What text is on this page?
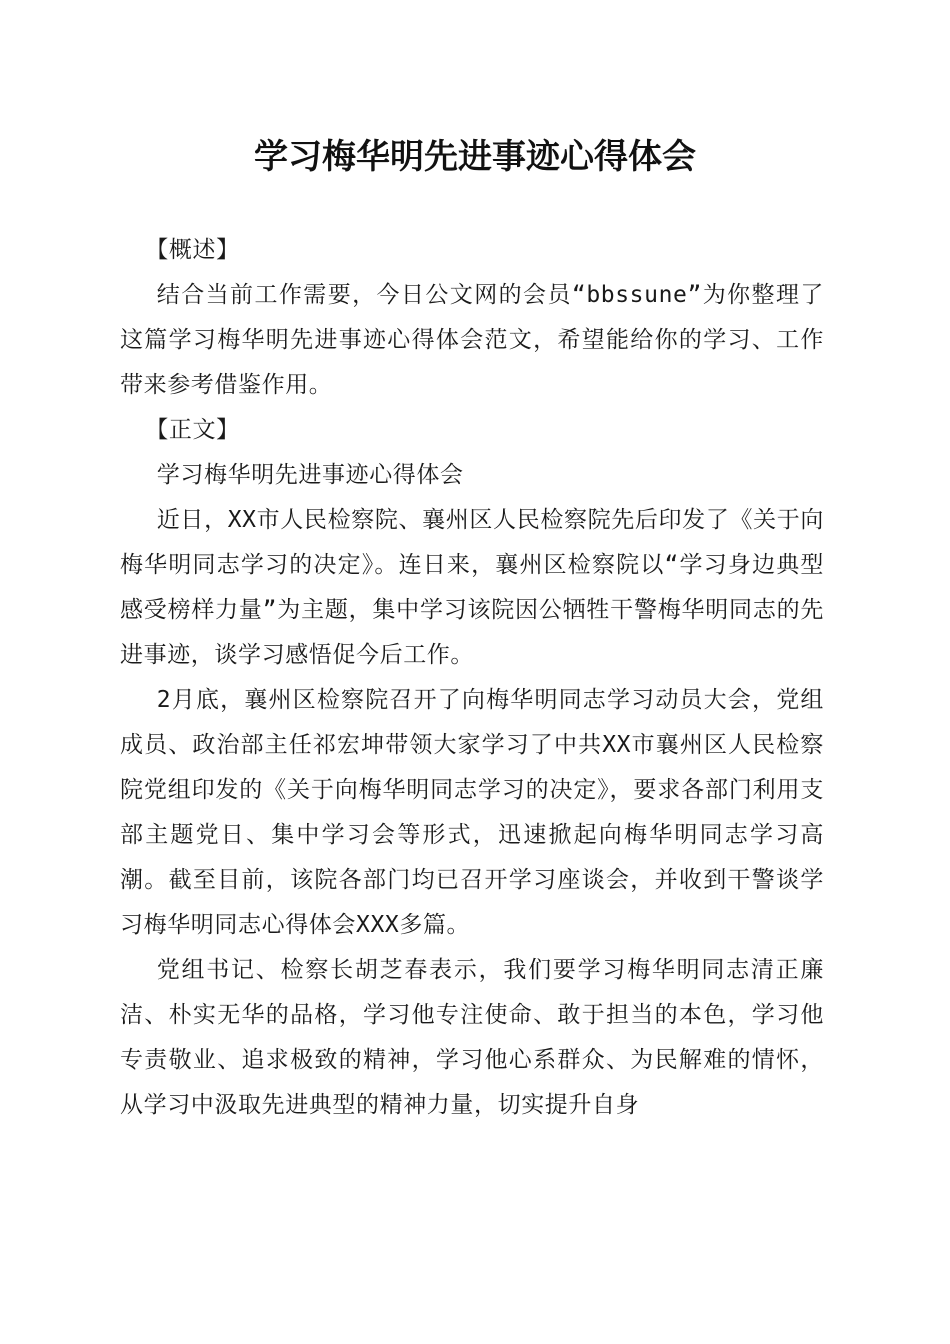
学习梅华明先进事迹心得体会

【概述】

结合当前工作需要，今日公文网的会员“bbssune”为你整理了这篇学习梅华明先进事迹心得体会范文，希望能给你的学习、工作带来参考借鉴作用。

【正文】

学习梅华明先进事迹心得体会

近日，XX市人民检察院、襄州区人民检察院先后印发了《关于向梅华明同志学习的决定》。连日来，襄州区检察院以“学习身边典型感受榜样力量”为主题，集中学习该院因公牺牲干警梅华明同志的先进事迹，谈学习感悟促今后工作。

2月底，襄州区检察院召开了向梅华明同志学习动员大会，党组成员、政治部主任祁宏坤带领大家学习了中共XX市襄州区人民检察院党组印发的《关于向梅华明同志学习的决定》，要求各部门利用支部主题党日、集中学习会等形式，迅速掀起向梅华明同志学习高潮。截至目前，该院各部门均已召开学习座谈会，并收到干警谈学习梅华明同志心得体会XXX多篇。

党组书记、检察长胡芝春表示，我们要学习梅华明同志清正廉洁、朴实无华的品格，学习他专注使命、敢于担当的本色，学习他专责敬业、追求极致的精神，学习他心系群众、为民解难的情怀，从学习中汲取先进典型的精神力量，切实提升自身
